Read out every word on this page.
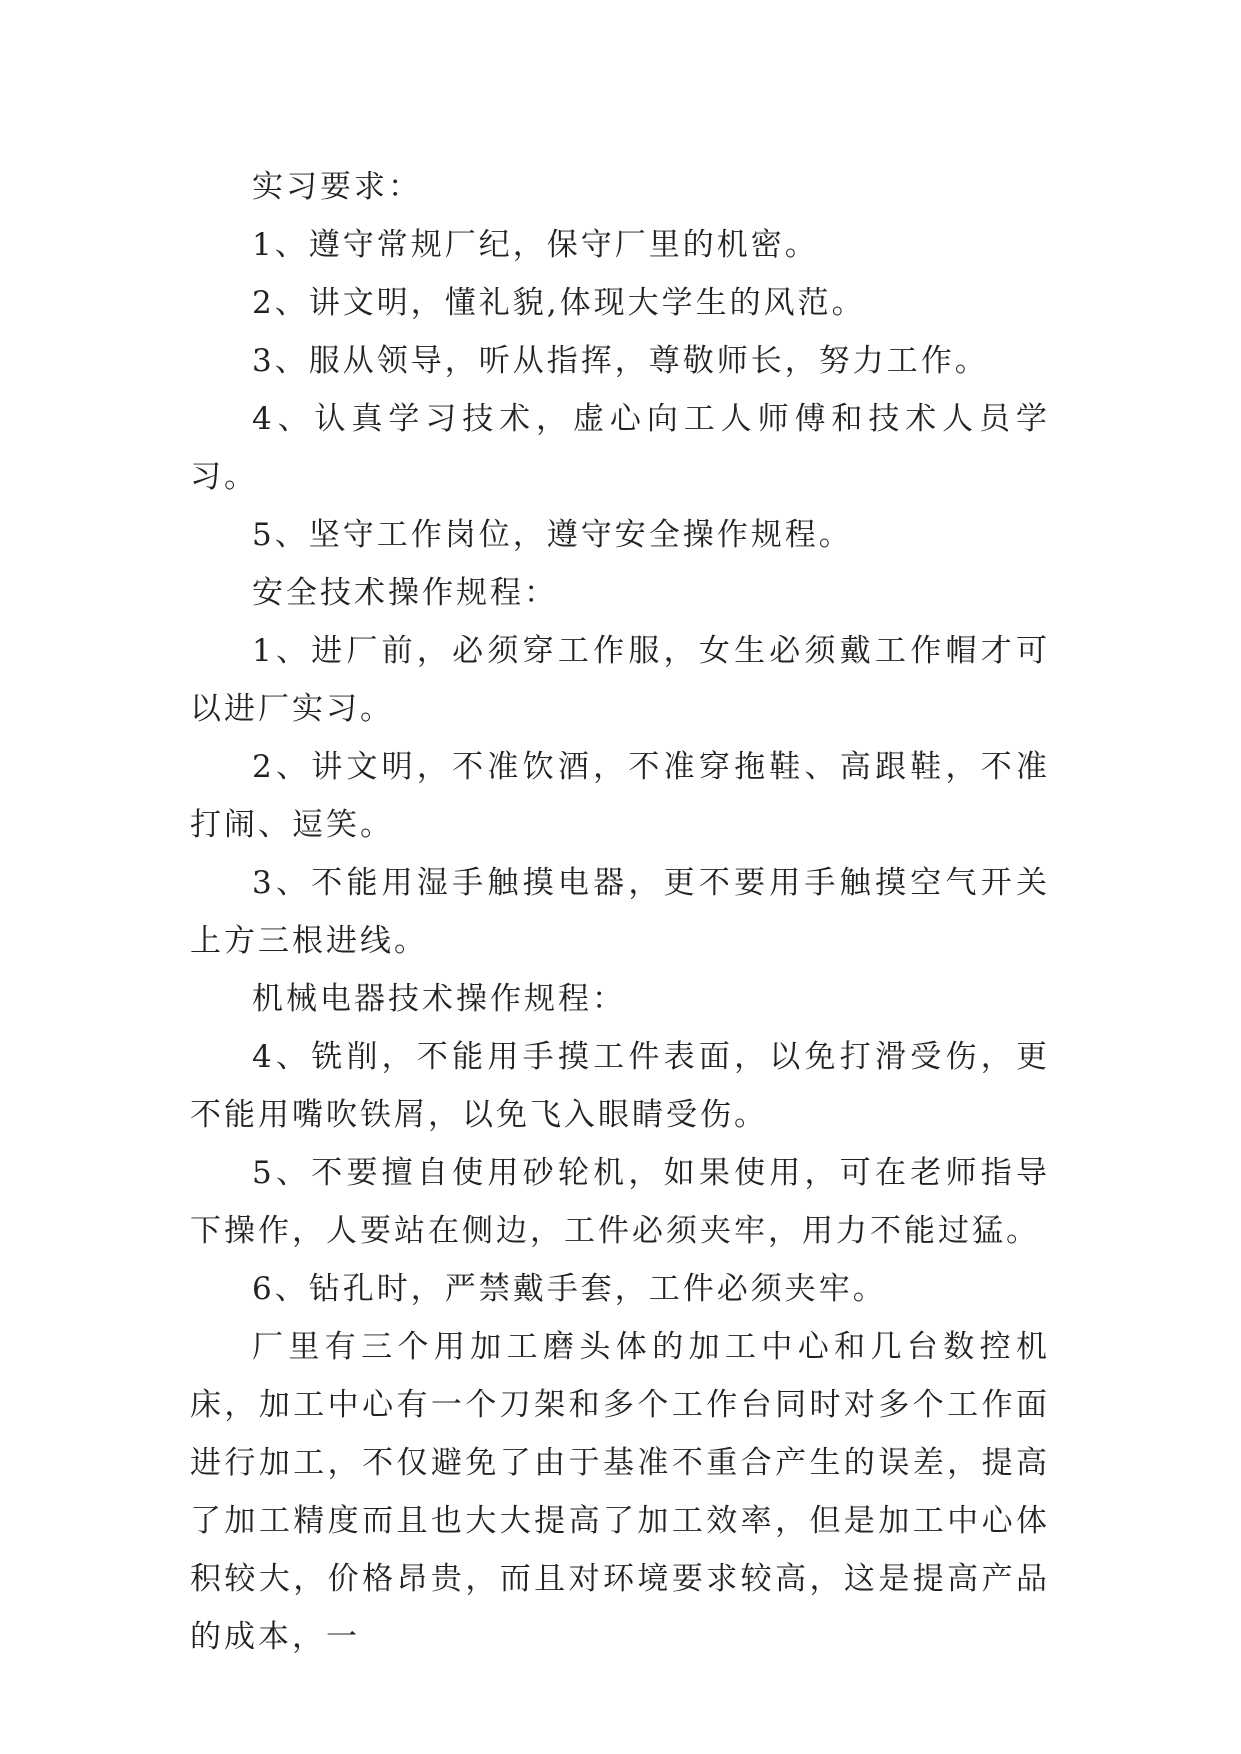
实习要求：

1、遵守常规厂纪，保守厂里的机密。

2、讲文明，懂礼貌,体现大学生的风范。

3、服从领导，听从指挥，尊敬师长，努力工作。

4、认真学习技术，虚心向工人师傅和技术人员学习。

5、坚守工作岗位，遵守安全操作规程。

安全技术操作规程：

1、进厂前，必须穿工作服，女生必须戴工作帽才可以进厂实习。

2、讲文明，不准饮酒，不准穿拖鞋、高跟鞋，不准打闹、逗笑。

3、不能用湿手触摸电器，更不要用手触摸空气开关上方三根进线。

机械电器技术操作规程：

4、铣削，不能用手摸工件表面，以免打滑受伤，更不能用嘴吹铁屑，以免飞入眼睛受伤。

5、不要擅自使用砂轮机，如果使用，可在老师指导下操作，人要站在侧边，工件必须夹牢，用力不能过猛。

6、钻孔时，严禁戴手套，工件必须夹牢。

厂里有三个用加工磨头体的加工中心和几台数控机床，加工中心有一个刀架和多个工作台同时对多个工作面进行加工，不仅避免了由于基准不重合产生的误差，提高了加工精度而且也大大提高了加工效率，但是加工中心体积较大，价格昂贵，而且对环境要求较高，这是提高产品的成本，一
